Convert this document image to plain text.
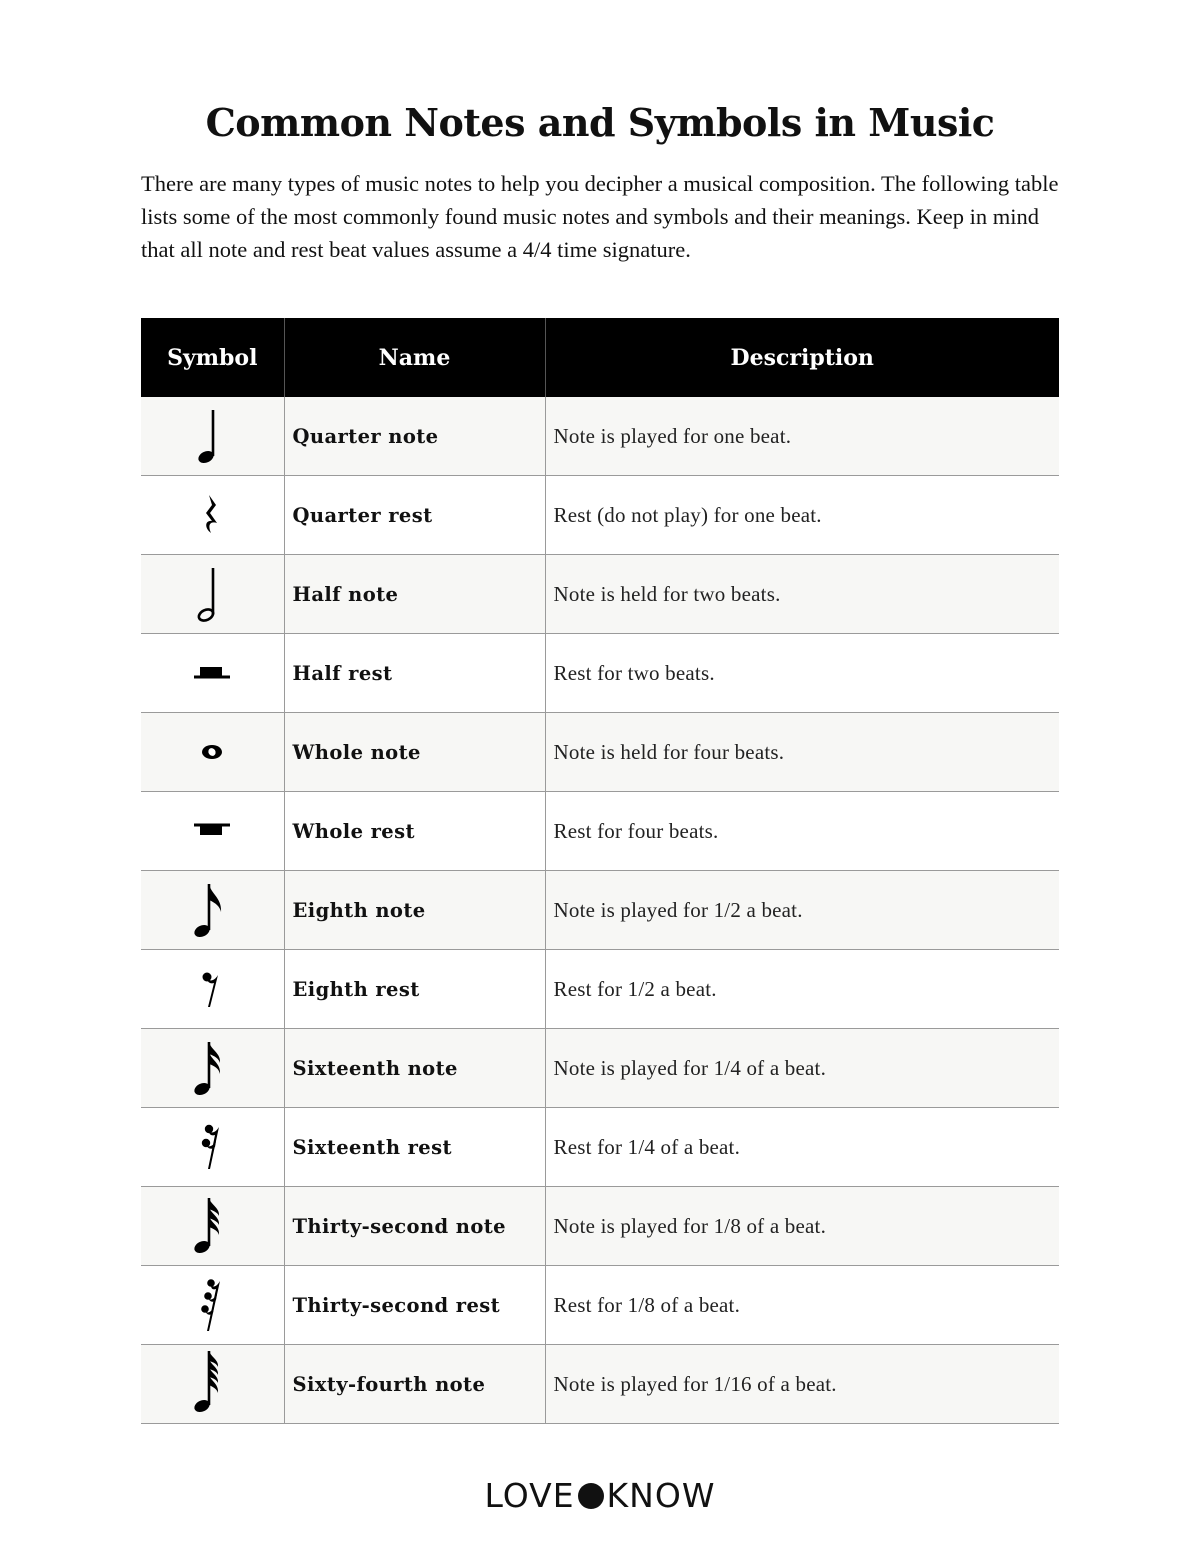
Common Notes and Symbols in Music
There are many types of music notes to help you decipher a musical composition. The following table lists some of the most commonly found music notes and symbols and their meanings. Keep in mind that all note and rest beat values assume a 4/4 time signature.
Symbol	Name	Description

	Quarter note	Note is played for one beat.

	Quarter rest	Rest (do not play) for one beat.

	Half note	Note is held for two beats.

	Half rest	Rest for two beats.

	Whole note	Note is held for four beats.

	Whole rest	Rest for four beats.

	Eighth note	Note is played for 1/2 a beat.

	Eighth rest	Rest for 1/2 a beat.

	Sixteenth note	Note is played for 1/4 of a beat.

	Sixteenth rest	Rest for 1/4 of a beat.

	Thirty-second note	Note is played for 1/8 of a beat.

	Thirty-second rest	Rest for 1/8 of a beat.

	Sixty-fourth note	Note is played for 1/16 of a beat.
LOVE KNOW
